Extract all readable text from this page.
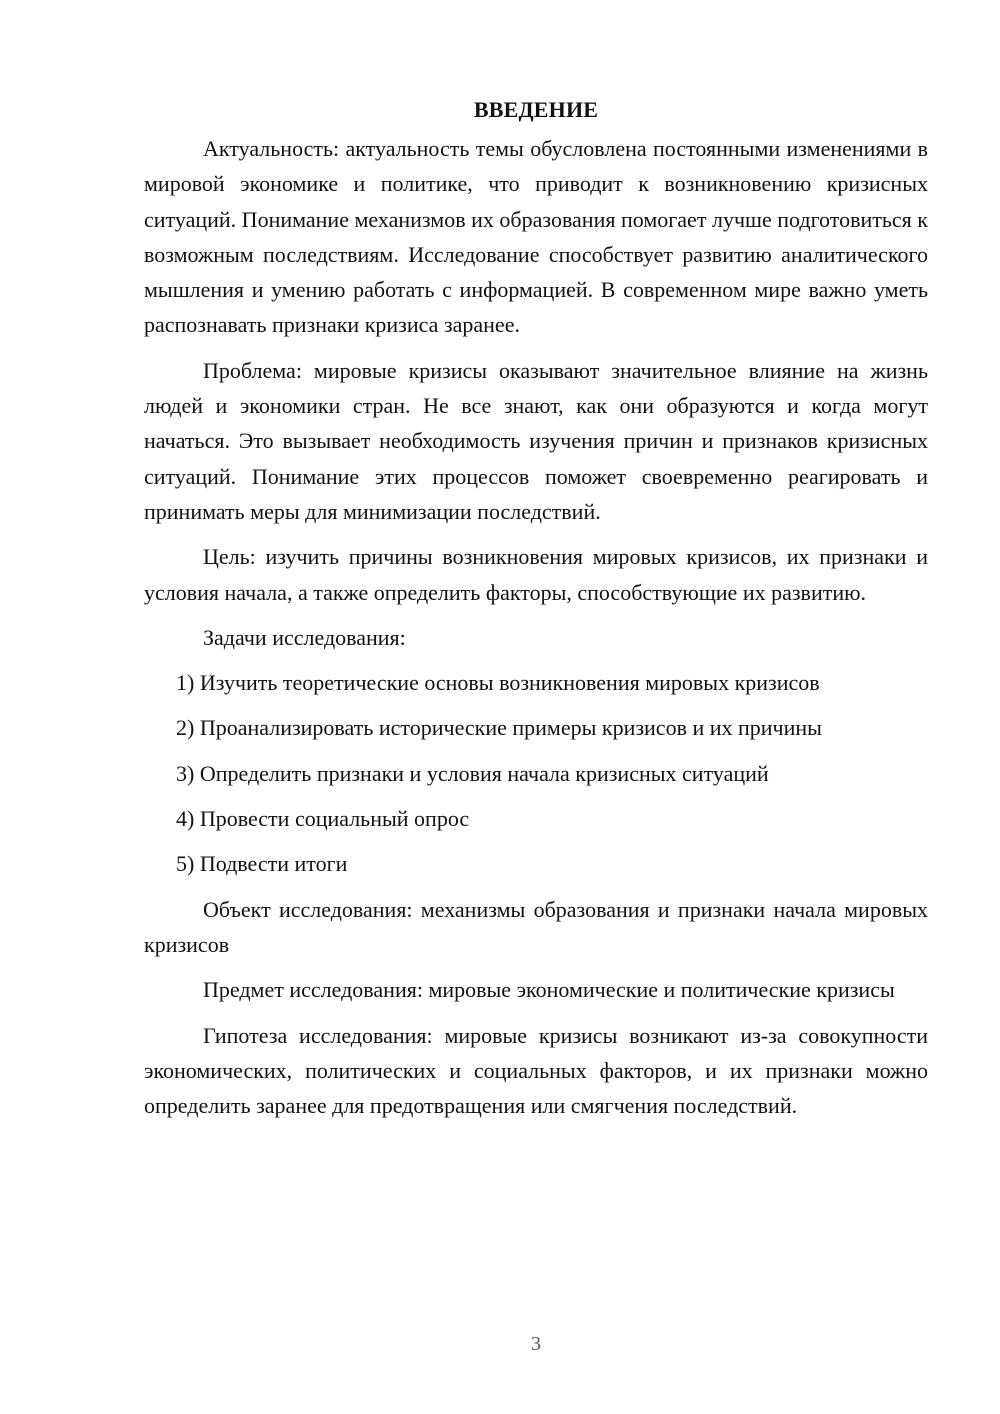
ВВЕДЕНИЕ

Актуальность: актуальность темы обусловлена постоянными изменениями в мировой экономике и политике, что приводит к возникновению кризисных ситуаций. Понимание механизмов их образования помогает лучше подготовиться к возможным последствиям. Исследование способствует развитию аналитического мышления и умению работать с информацией. В современном мире важно уметь распознавать признаки кризиса заранее.

Проблема: мировые кризисы оказывают значительное влияние на жизнь людей и экономики стран. Не все знают, как они образуются и когда могут начаться. Это вызывает необходимость изучения причин и признаков кризисных ситуаций. Понимание этих процессов поможет своевременно реагировать и принимать меры для минимизации последствий.

Цель: изучить причины возникновения мировых кризисов, их признаки и условия начала, а также определить факторы, способствующие их развитию.

Задачи исследования:

1) Изучить теоретические основы возникновения мировых кризисов
2) Проанализировать исторические примеры кризисов и их причины
3) Определить признаки и условия начала кризисных ситуаций
4) Провести социальный опрос
5) Подвести итоги

Объект исследования: механизмы образования и признаки начала мировых кризисов

Предмет исследования: мировые экономические и политические кризисы

Гипотеза исследования: мировые кризисы возникают из-за совокупности экономических, политических и социальных факторов, и их признаки можно определить заранее для предотвращения или смягчения последствий.

3
